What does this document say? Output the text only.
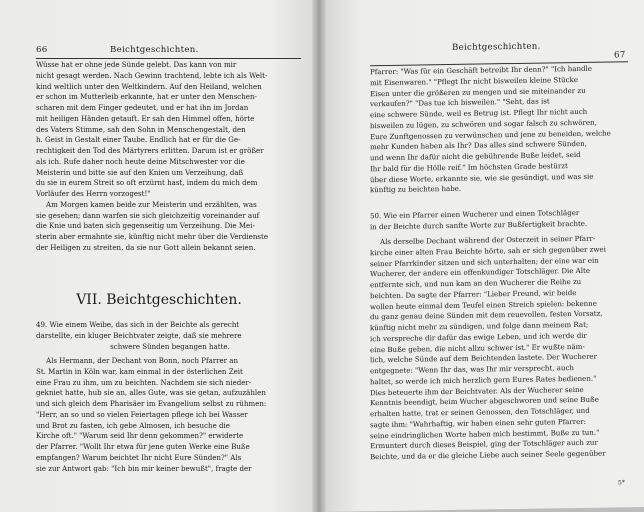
66	Beichtgeschichten.

Wüsse hat er ohne jede Sünde gelebt. Das kann von mir

nicht gesagt werden. Nach Gewinn trachtend, lebte ich als Welt-

kind weltlich unter den Weltkindern. Auf den Heiland, welchen

er schon im Mutterleib erkannte, hat er unter den Menschen-

scharen mit dem Finger gedeutet, und er hat ihn im Jordan

mit heiligen Händen getauft. Er sah den Himmel offen, hörte

des Vaters Stimme, sah den Sohn in Menschengestalt, den

h. Geist in Gestalt einer Taube. Endlich hat er für die Ge-

rechtigkeit den Tod des Märtyrers erlitten. Darum ist er größer

als ich. Rufe daher noch heute deine Mitschwester vor die

Meisterin und bitte sie auf den Knien um Verzeihung, daß

du sie in eurem Streit so oft erzürnt hast, indem du mich dem

Vorläufer des Herrn vorzogest!"

Am Morgen kamen beide zur Meisterin und erzählten, was

sie gesehen; dann warfen sie sich gleichzeitig voreinander auf

die Knie und baten sich gegenseitig um Verzeihung. Die Mei-

sterin aber ermahnte sie, künftig nicht mehr über die Verdienste

der Heiligen zu streiten, da sie nur Gott allein bekannt seien.

VII. Beichtgeschichten.

49. Wie einem Weibe, das sich in der Beichte als gerecht

darstellte, ein kluger Beichtvater zeigte, daß sie mehrere

schwere Sünden begangen hatte.

Als Hermann, der Dechant von Bonn, noch Pfarrer an

St. Martin in Köln war, kam einmal in der österlichen Zeit

eine Frau zu ihm, um zu beichten. Nachdem sie sich nieder-

gekniet hatte, hub sie an, alles Gute, was sie getan, aufzuzählen

und sich gleich dem Pharisäer im Evangelium selbst zu rühmen:

"Herr, an so und so vielen Feiertagen pflege ich bei Wasser

und Brot zu fasten, ich gebe Almosen, ich besuche die

Kirche oft." "Warum seid Ihr denn gekommen?" erwiderte

der Pfarrer. "Wollt Ihr etwa für jene guten Werke eine Buße

empfangen? Warum beichtet Ihr nicht Eure Sünden?" Als

sie zur Antwort gab: "Ich bin mir keiner bewußt", fragte der

Beichtgeschichten.
67

Pfarrer: "Was für ein Geschäft betreibt Ihr denn?" "Ich handle

mit Eisenwaren." "Pflegt Ihr nicht bisweilen kleine Stücke

Eisen unter die größeren zu mengen und sie miteinander zu

verkaufen?" "Das tue ich bisweilen." "Seht, das ist

eine schwere Sünde, weil es Betrug ist. Pflegt Ihr nicht auch

bisweilen zu lügen, zu schwören und sogar falsch zu schwören,

Eure Zunftgenossen zu verwünschen und jene zu beneiden, welche

mehr Kunden haben als Ihr? Das alles sind schwere Sünden,

und wenn Ihr dafür nicht die gebührende Buße leidet, seid

Ihr bald für die Hölle reif." Im höchsten Grade bestürzt

über diese Worte, erkannte sie, wie sie gesündigt, und was sie

künftig zu beichten habe.

50. Wie ein Pfarrer einen Wucherer und einen Totschläger

in der Beichte durch sanfte Worte zur Bußfertigkeit brachte.

Als derselbe Dechant während der Osterzeit in seiner Pfarr-

kirche einer alten Frau Beichte hörte, sah er sich gegenüber zwei

seiner Pfarrkinder sitzen und sich unterhalten; der eine war ein

Wucherer, der andere ein offenkundiger Totschläger. Die Alte

entfernte sich, und nun kam an den Wucherer die Reihe zu

beichten. Da sagte der Pfarrer: "Lieber Freund, wir beide

wollen heute einmal dem Teufel einen Streich spielen: bekenne

du ganz genau deine Sünden mit dem reuevollen, festen Vorsatz,

künftig nicht mehr zu sündigen, und folge dann meinem Rat;

ich verspreche dir dafür das ewige Leben, und ich werde dir

eine Buße geben, die nicht allzu schwer ist." Er wußte näm-

lich, welche Sünde auf dem Beichtenden lastete. Der Wucherer

entgegnete: "Wenn Ihr das, was Ihr mir versprecht, auch

haltet, so werde ich mich herzlich gern Eures Rates bedienen."

Dies beteuerte ihm der Beichtvater. Als der Wucherer seine

Kenntnis beendigt, beim Wucher abgeschworen und seine Buße

erhalten hatte, trat er seinen Genossen, den Totschläger, und

sagte ihm: "Wahrhaftig, wir haben einen sehr guten Pfarrer:

seine eindringlichen Worte haben mich bestimmt, Buße zu tun."

Ermuntert durch dieses Beispiel, ging der Totschläger auch zur

Beichte, und da er die gleiche Liebe auch seiner Seele gegenüber

5*
